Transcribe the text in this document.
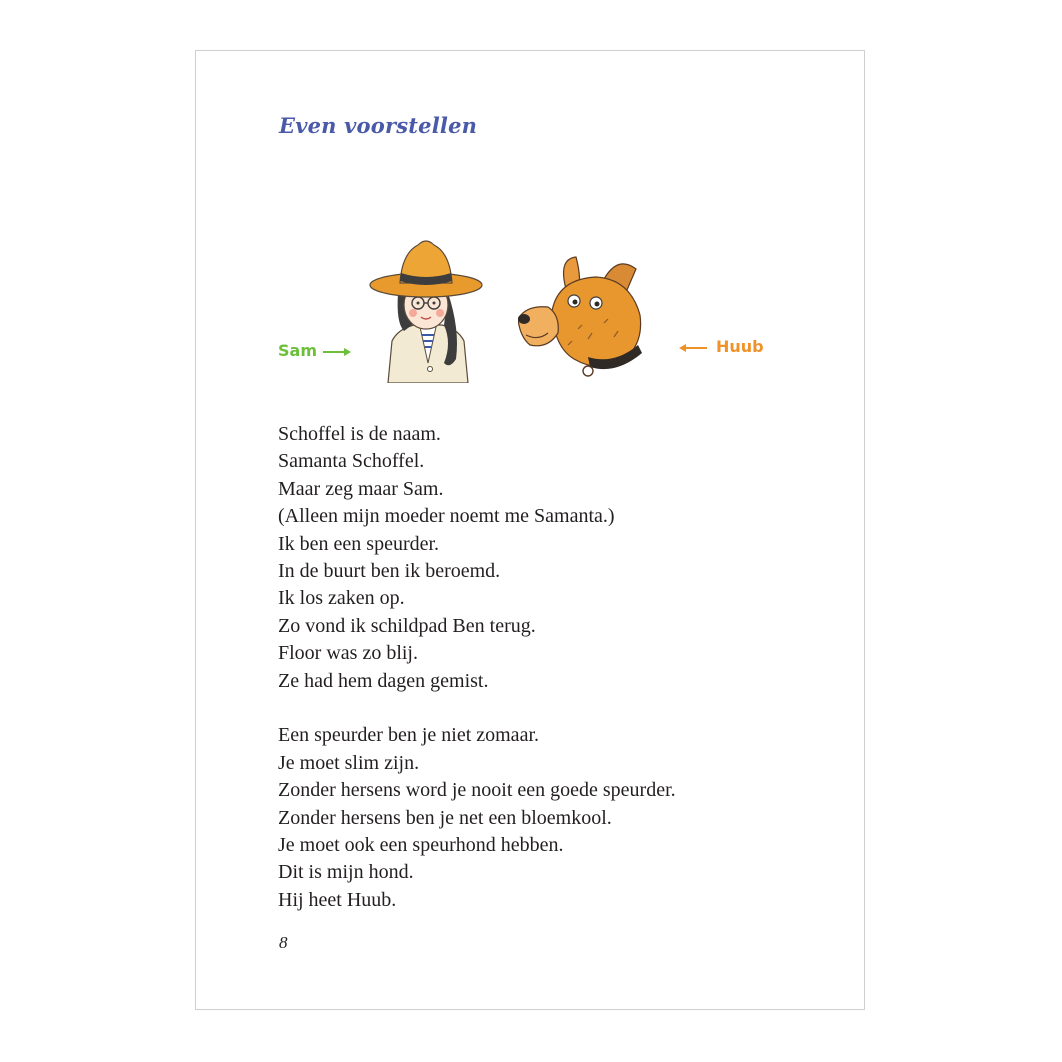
Even voorstellen
Sam	Huub

Schoffel is de naam.
Samanta Schoffel.
Maar zeg maar Sam.
(Alleen mijn moeder noemt me Samanta.)
Ik ben een speurder.
In de buurt ben ik beroemd.
Ik los zaken op.
Zo vond ik schildpad Ben terug.
Floor was zo blij.
Ze had hem dagen gemist.

Een speurder ben je niet zomaar.
Je moet slim zijn.
Zonder hersens word je nooit een goede speurder.
Zonder hersens ben je net een bloemkool.
Je moet ook een speurhond hebben.
Dit is mijn hond.
Hij heet Huub.

8
